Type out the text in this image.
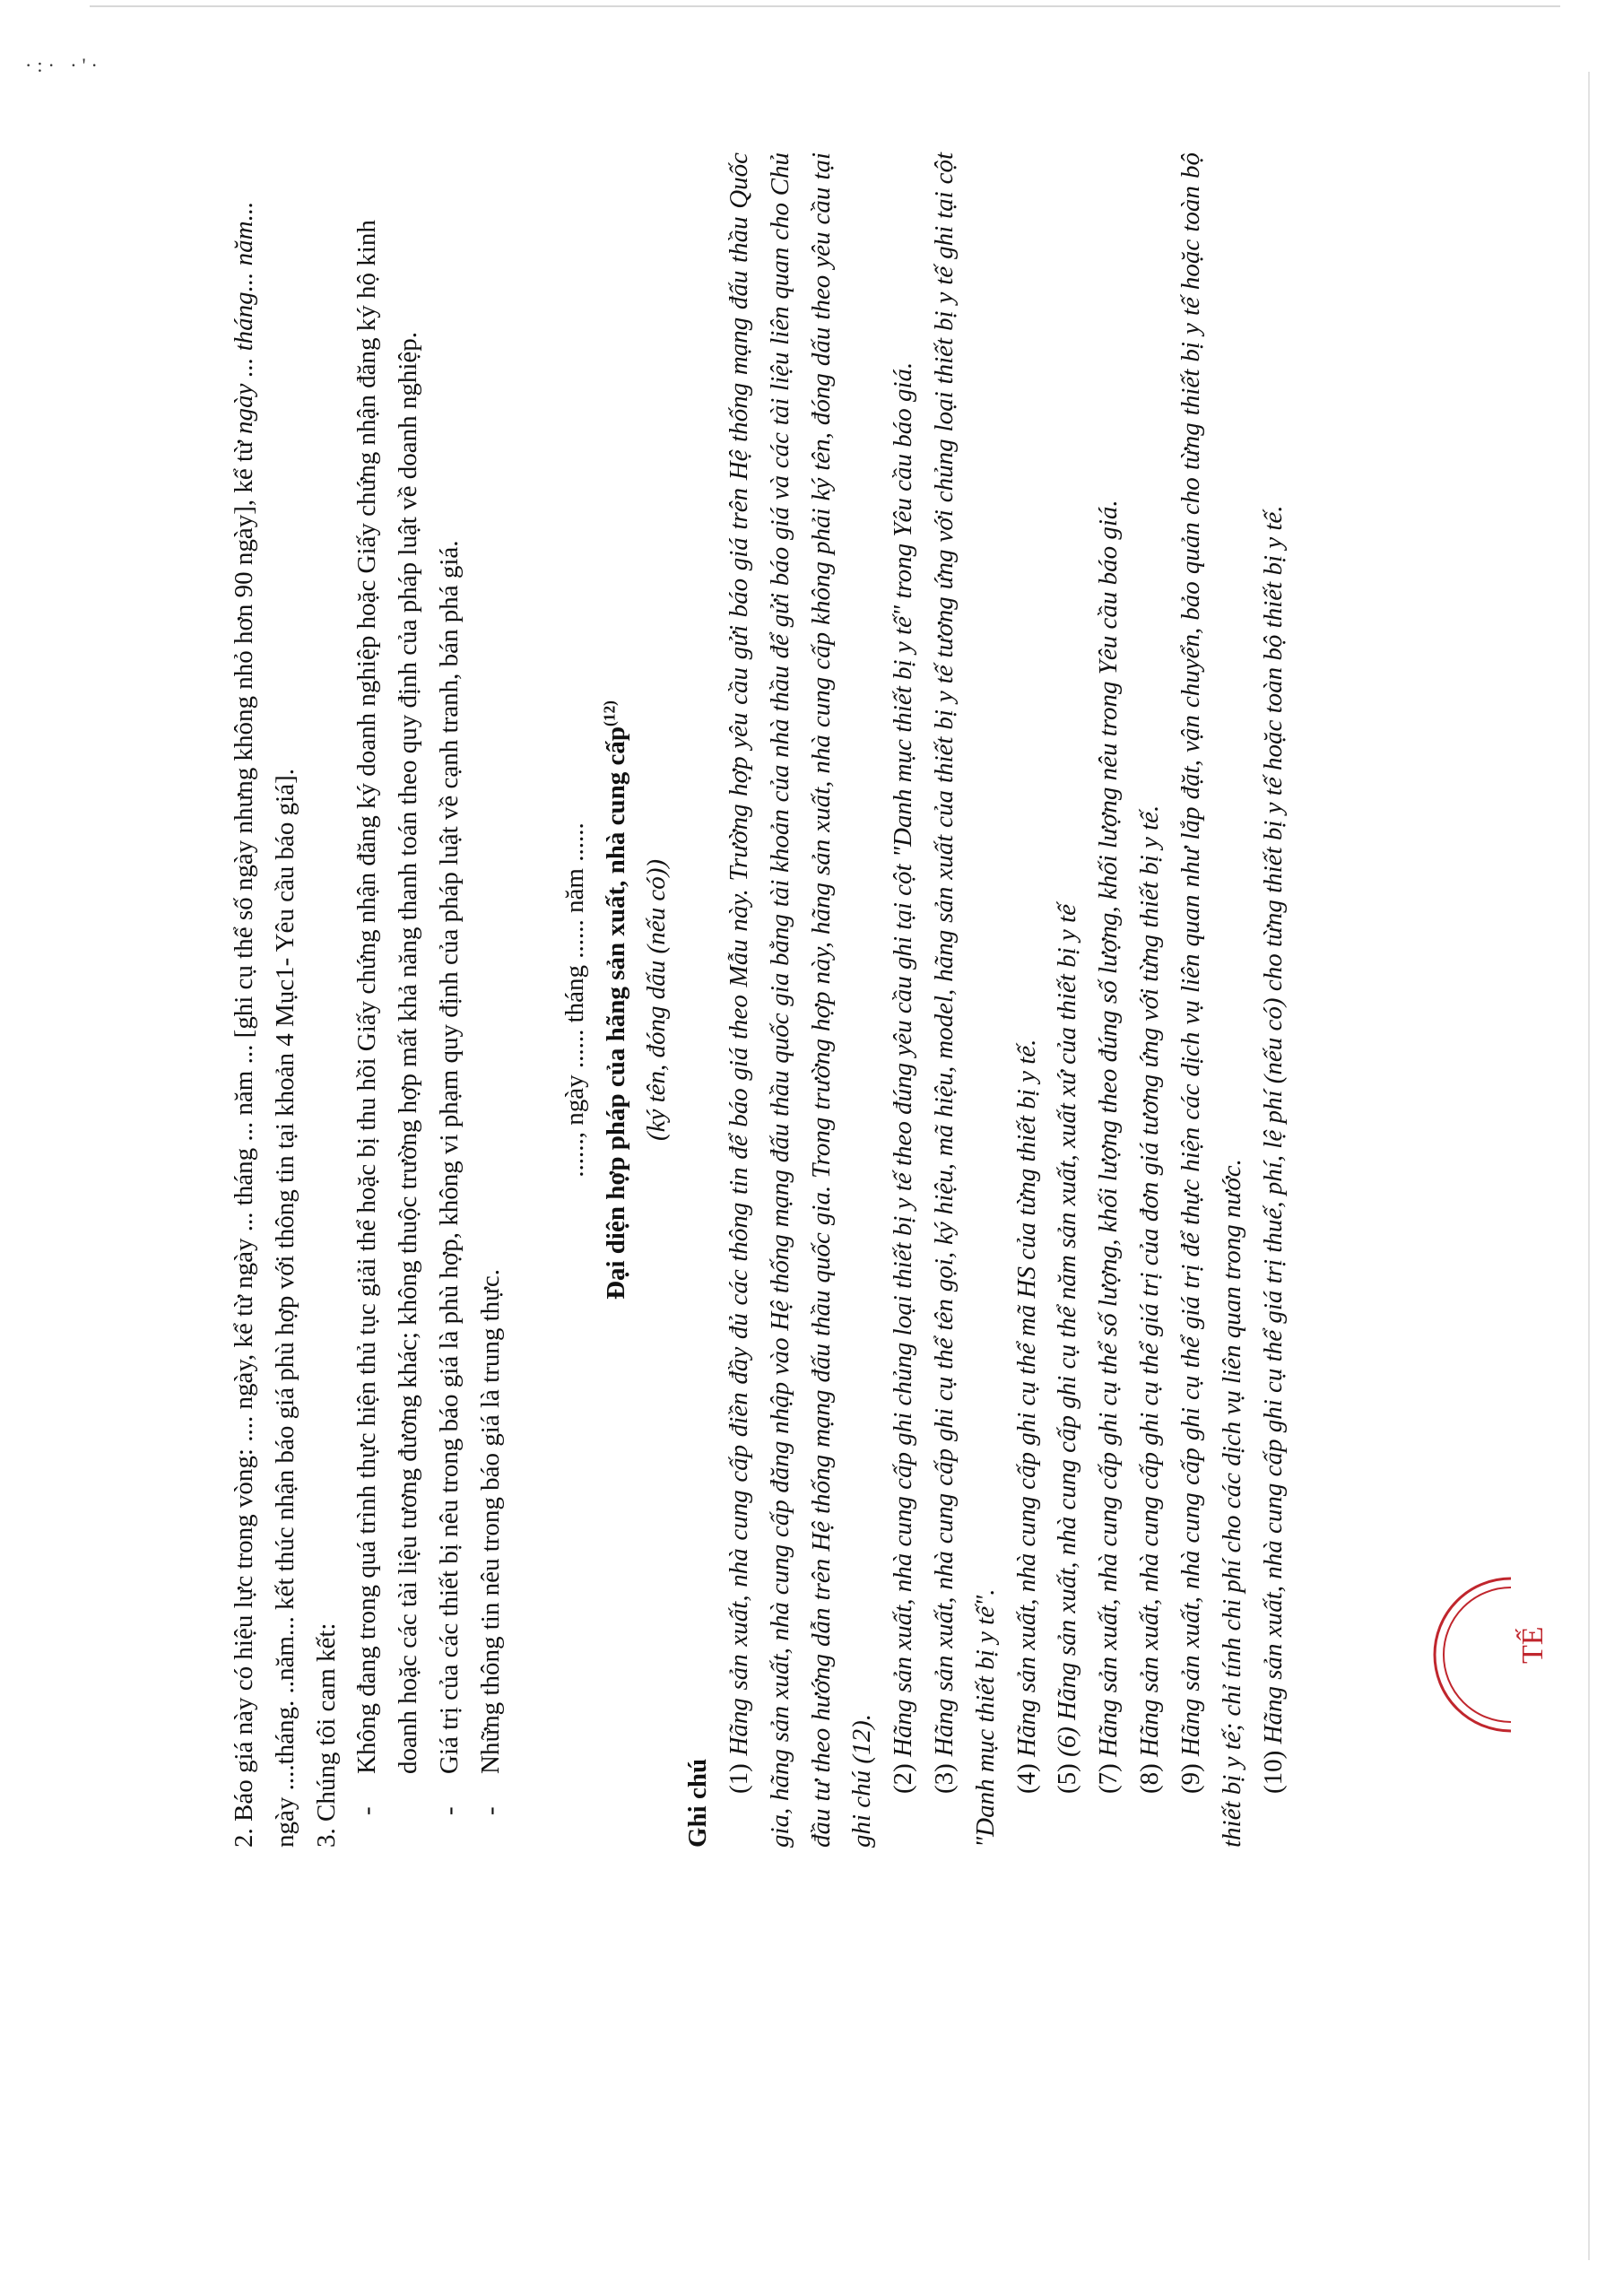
·:· ·'·

2. Báo giá này có hiệu lực trong vòng: .... ngày, kể từ ngày ... tháng ... năm ... [ghi cụ thể số ngày nhưng không nhỏ hơn 90 ngày], kể từ ngày ... tháng... năm... ngày ....tháng. ..năm... kết thúc nhận báo giá phù hợp với thông tin tại khoản 4 Mục1- Yêu cầu báo giá]. 3. Chúng tôi cam kết: -
Không đang trong quá trình thực hiện thủ tục giải thể hoặc bị thu hồi Giấy chứng nhận đăng ký doanh nghiệp hoặc Giấy chứng nhận đăng ký hộ kinh doanh hoặc các tài liệu tương đương khác; không thuộc trường hợp mất khả năng thanh toán theo quy định của pháp luật về doanh nghiệp.
-
Giá trị của các thiết bị nêu trong báo giá là phù hợp, không vi phạm quy định của pháp luật về cạnh tranh, bán phá giá.
-
Những thông tin nêu trong báo giá là trung thực.

......, ngày ...... tháng ...... năm ...... Đại diện hợp pháp của hãng sản xuất, nhà cung cấp$^{(12)}$

(ký tên, đóng dấu (nếu có))

Ghi chú (1) Hãng sản xuất, nhà cung cấp điền đầy đủ các thông tin để báo giá theo Mẫu này. Trường hợp yêu cầu gửi báo giá trên Hệ thống mạng đấu thầu Quốc gia, hãng sản xuất, nhà cung cấp đăng nhập vào Hệ thống mạng đấu thầu quốc gia bằng tài khoản của nhà thầu để gửi báo giá và các tài liệu liên quan cho Chủ đầu tư theo hướng dẫn trên Hệ thống mạng đấu thầu quốc gia. Trong trường hợp này, hãng sản xuất, nhà cung cấp không phải ký tên, đóng dấu theo yêu cầu tại ghi chú (12). (2) Hãng sản xuất, nhà cung cấp ghi chủng loại thiết bị y tế theo đúng yêu cầu ghi tại cột "Danh mục thiết bị y tế" trong Yêu cầu báo giá.

(3) Hãng sản xuất, nhà cung cấp ghi cụ thể tên gọi, ký hiệu, mã hiệu, model, hãng sản xuất của thiết bị y tế tương ứng với chủng loại thiết bị y tế ghi tại cột "Danh mục thiết bị y tế". (4) Hãng sản xuất, nhà cung cấp ghi cụ thể mã HS của từng thiết bị y tế.

(5) (6) Hãng sản xuất, nhà cung cấp ghi cụ thể năm sản xuất, xuất xứ của thiết bị y tế

(7) Hãng sản xuất, nhà cung cấp ghi cụ thể số lượng, khối lượng theo đúng số lượng, khối lượng nêu trong Yêu cầu báo giá.

(8) Hãng sản xuất, nhà cung cấp ghi cụ thể giá trị của đơn giá tương ứng với từng thiết bị y tế.

(9) Hãng sản xuất, nhà cung cấp ghi cụ thể giá trị để thực hiện các dịch vụ liên quan như lắp đặt, vận chuyển, bảo quản cho từng thiết bị y tế hoặc toàn bộ thiết bị y tế; chỉ tính chi phí cho các dịch vụ liên quan trong nước. (10) Hãng sản xuất, nhà cung cấp ghi cụ thể giá trị thuế, phí, lệ phí (nếu có) cho từng thiết bị y tế hoặc toàn bộ thiết bị y tế.	TẾ
